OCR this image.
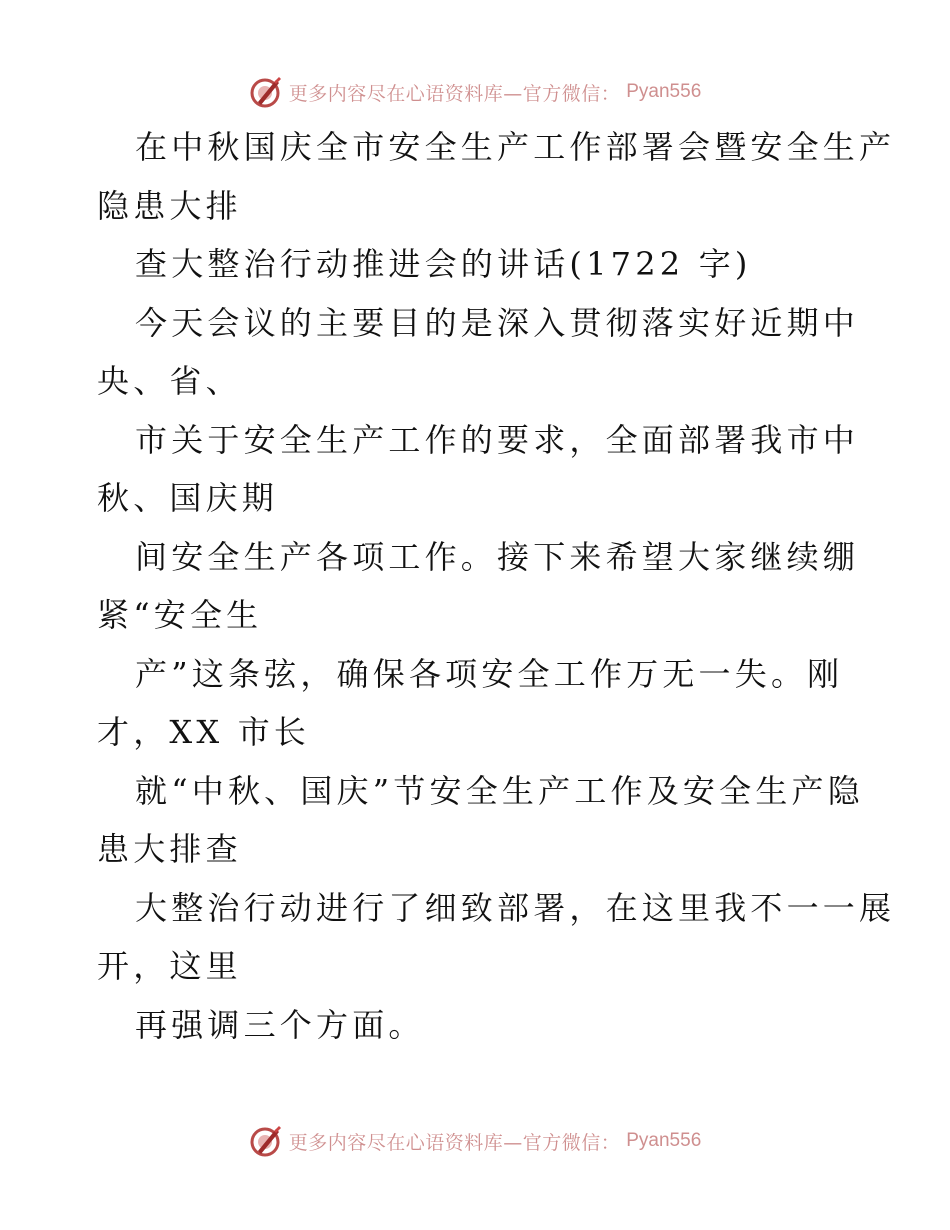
更多内容尽在心语资料库—官方微信： Pyan556
在中秋国庆全市安全生产工作部署会暨安全生产
隐患大排
查大整治行动推进会的讲话(1722 字)
今天会议的主要目的是深入贯彻落实好近期中
央、省、
市关于安全生产工作的要求，全面部署我市中
秋、国庆期
间安全生产各项工作。接下来希望大家继续绷
紧“安全生
产”这条弦，确保各项安全工作万无一失。刚
才，XX 市长
就“中秋、国庆”节安全生产工作及安全生产隐
患大排查
大整治行动进行了细致部署，在这里我不一一展
开，这里
再强调三个方面。
更多内容尽在心语资料库—官方微信： Pyan556
